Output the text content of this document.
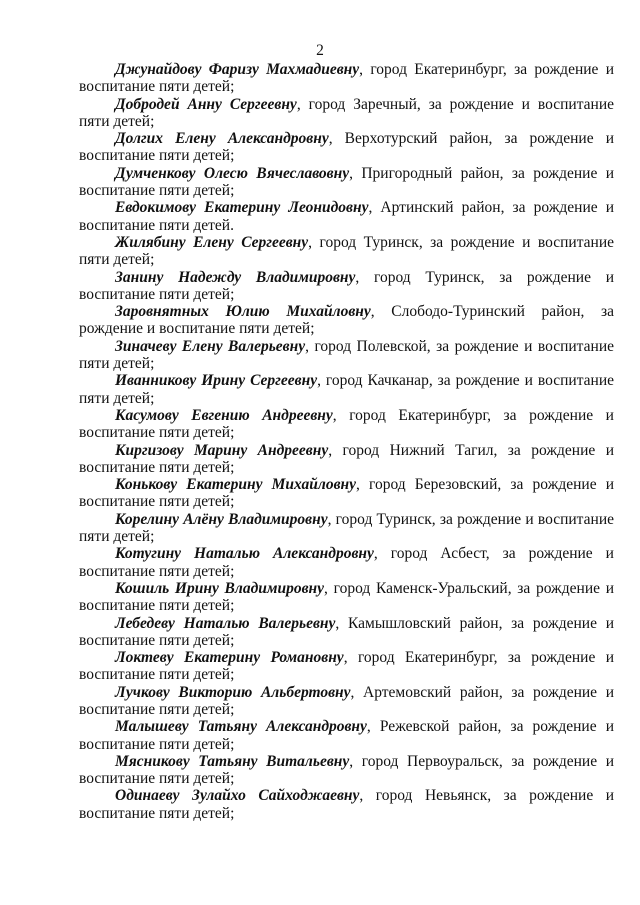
2

Джунайдову Фаризу Махмадиевну, город Екатеринбург, за рождение и воспитание пяти детей;

Добродей Анну Сергеевну, город Заречный, за рождение и воспитание пяти детей;

Долгих Елену Александровну, Верхотурский район, за рождение и воспитание пяти детей;

Думченкову Олесю Вячеславовну, Пригородный район, за рождение и воспитание пяти детей;

Евдокимову Екатерину Леонидовну, Артинский район, за рождение и воспитание пяти детей.

Жилябину Елену Сергеевну, город Туринск, за рождение и воспитание пяти детей;

Занину Надежду Владимировну, город Туринск, за рождение и воспитание пяти детей;

Заровнятных Юлию Михайловну, Слободо-Туринский район, за рождение и воспитание пяти детей;

Зиначеву Елену Валерьевну, город Полевской, за рождение и воспитание пяти детей;

Иванникову Ирину Сергеевну, город Качканар, за рождение и воспитание пяти детей;

Касумову Евгению Андреевну, город Екатеринбург, за рождение и воспитание пяти детей;

Киргизову Марину Андреевну, город Нижний Тагил, за рождение и воспитание пяти детей;

Конькову Екатерину Михайловну, город Березовский, за рождение и воспитание пяти детей;

Корелину Алёну Владимировну, город Туринск, за рождение и воспитание пяти детей;

Котугину Наталью Александровну, город Асбест, за рождение и воспитание пяти детей;

Кошиль Ирину Владимировну, город Каменск-Уральский, за рождение и воспитание пяти детей;

Лебедеву Наталью Валерьевну, Камышловский район, за рождение и воспитание пяти детей;

Локтеву Екатерину Романовну, город Екатеринбург, за рождение и воспитание пяти детей;

Лучкову Викторию Альбертовну, Артемовский район, за рождение и воспитание пяти детей;

Малышеву Татьяну Александровну, Режевской район, за рождение и воспитание пяти детей;

Мясникову Татьяну Витальевну, город Первоуральск, за рождение и воспитание пяти детей;

Одинаеву Зулайхо Сайходжаевну, город Невьянск, за рождение и воспитание пяти детей;
